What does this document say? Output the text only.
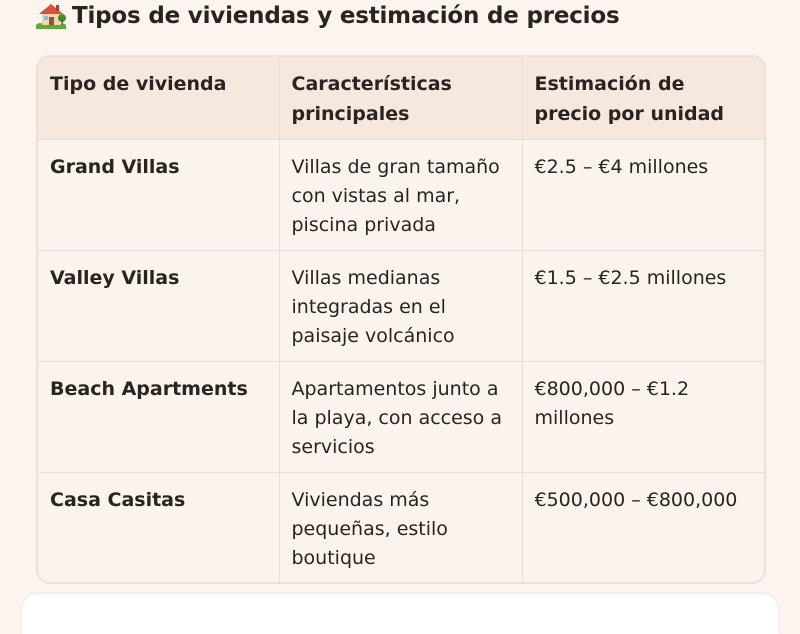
Tipos de viviendas y estimación de precios
Tipo de vivienda	Características principales	Estimación de precio por unidad
Grand Villas	Villas de gran tamaño con vistas al mar, piscina privada	€2.5 – €4 millones
Valley Villas	Villas medianas integradas en el paisaje volcánico	€1.5 – €2.5 millones
Beach Apartments	Apartamentos junto a la playa, con acceso a servicios	€800,000 – €1.2 millones
Casa Casitas	Viviendas más pequeñas, estilo boutique	€500,000 – €800,000
